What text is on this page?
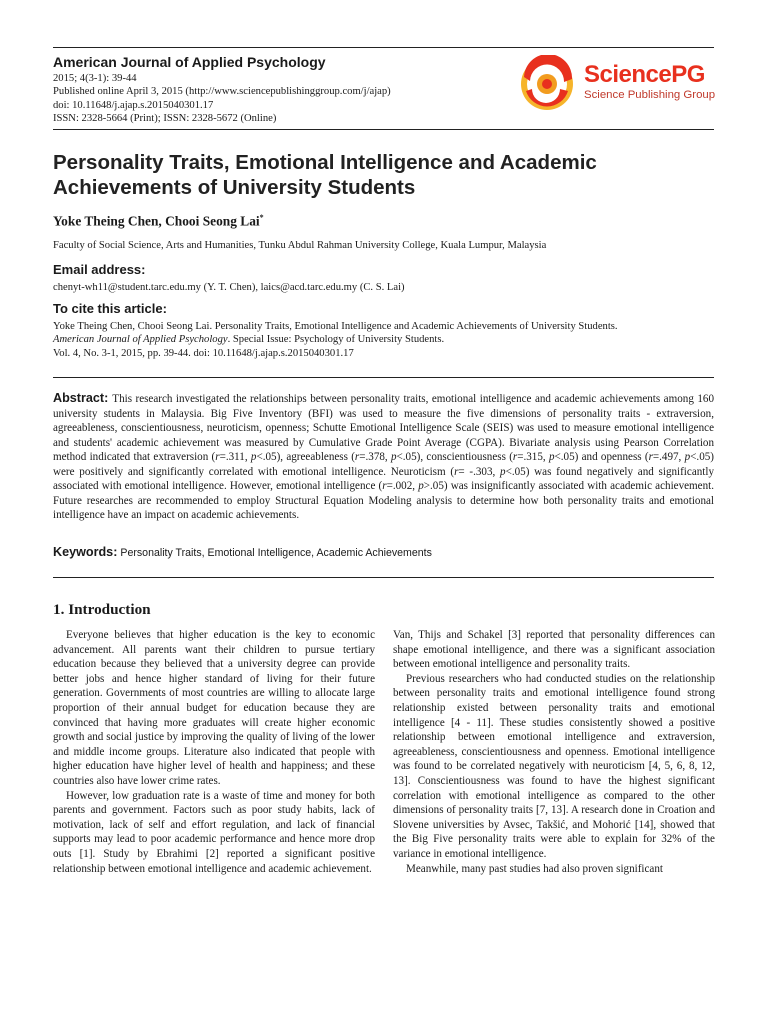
American Journal of Applied Psychology
2015; 4(3-1): 39-44
Published online April 3, 2015 (http://www.sciencepublishinggroup.com/j/ajap)
doi: 10.11648/j.ajap.s.2015040301.17
ISSN: 2328-5664 (Print); ISSN: 2328-5672 (Online)
SciencePG
Science Publishing Group
Personality Traits, Emotional Intelligence and Academic
Achievements of University Students
Yoke Theing Chen, Chooi Seong Lai*
Faculty of Social Science, Arts and Humanities, Tunku Abdul Rahman University College, Kuala Lumpur, Malaysia
Email address:
chenyt-wh11@student.tarc.edu.my (Y. T. Chen), laics@acd.tarc.edu.my (C. S. Lai)
To cite this article:
Yoke Theing Chen, Chooi Seong Lai. Personality Traits, Emotional Intelligence and Academic Achievements of University Students.
American Journal of Applied Psychology. Special Issue: Psychology of University Students.
Vol. 4, No. 3-1, 2015, pp. 39-44. doi: 10.11648/j.ajap.s.2015040301.17
Abstract: This research investigated the relationships between personality traits, emotional intelligence and academic achievements among 160 university students in Malaysia. Big Five Inventory (BFI) was used to measure the five dimensions of personality traits - extraversion, agreeableness, conscientiousness, neuroticism, openness; Schutte Emotional Intelligence Scale (SEIS) was used to measure emotional intelligence and students' academic achievement was measured by Cumulative Grade Point Average (CGPA). Bivariate analysis using Pearson Correlation method indicated that extraversion (r=.311, p<.05), agreeableness (r=.378, p<.05), conscientiousness (r=.315, p<.05) and openness (r=.497, p<.05) were positively and significantly correlated with emotional intelligence. Neuroticism (r= -.303, p<.05) was found negatively and significantly associated with emotional intelligence. However, emotional intelligence (r=.002, p>.05) was insignificantly associated with academic achievement. Future researches are recommended to employ Structural Equation Modeling analysis to determine how both personality traits and emotional intelligence have an impact on academic achievements.
Keywords: Personality Traits, Emotional Intelligence, Academic Achievements
1. Introduction

Everyone believes that higher education is the key to economic advancement. All parents want their children to pursue tertiary education because they believed that a university degree can provide better jobs and hence higher standard of living for their future generation. Governments of most countries are willing to allocate large proportion of their annual budget for education because they are convinced that having more graduates will create higher economic growth and social justice by improving the quality of living of the lower and middle income groups. Literature also indicated that people with higher education have higher level of health and happiness; and these countries also have lower crime rates.

However, low graduation rate is a waste of time and money for both parents and government. Factors such as poor study habits, lack of motivation, lack of self and effort regulation, and lack of financial supports may lead to poor academic performance and hence more drop outs [1]. Study by Ebrahimi [2] reported a significant positive relationship between emotional intelligence and academic achievement.

Van, Thijs and Schakel [3] reported that personality differences can shape emotional intelligence, and there was a significant association between emotional intelligence and personality traits.

Previous researchers who had conducted studies on the relationship between personality traits and emotional intelligence found strong relationship existed between personality traits and emotional intelligence [4 - 11]. These studies consistently showed a positive relationship between emotional intelligence and extraversion, agreeableness, conscientiousness and openness. Emotional intelligence was found to be correlated negatively with neuroticism [4, 5, 6, 8, 12, 13]. Conscientiousness was found to have the highest significant correlation with emotional intelligence as compared to the other dimensions of personality traits [7, 13]. A research done in Croation and Slovene universities by Avsec, Takšić, and Mohorić [14], showed that the Big Five personality traits were able to explain for 32% of the variance in emotional intelligence.

Meanwhile, many past studies had also proven significant
